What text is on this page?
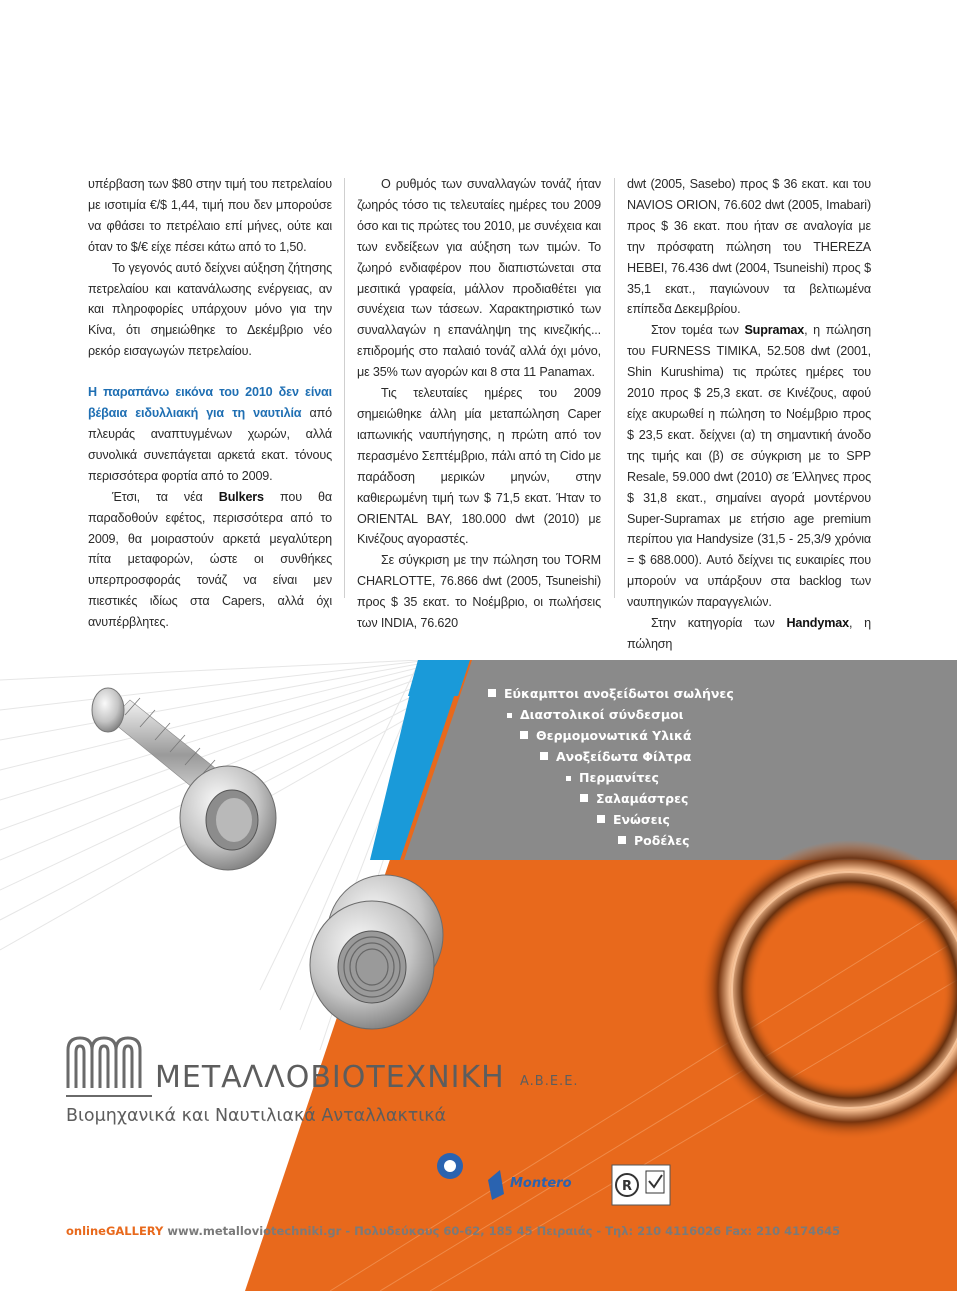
υπέρβαση των $80 στην τιμή του πετρελαίου με ισοτιμία €/$ 1,44, τιμή που δεν μπορούσε να φθάσει το πετρέλαιο επί μήνες, ούτε και όταν το $/€ είχε πέσει κάτω από το 1,50.

Το γεγονός αυτό δείχνει αύξηση ζήτησης πετρελαίου και κατανάλωσης ενέργειας, αν και πληροφορίες υπάρχουν μόνο για την Κίνα, ότι σημειώθηκε το Δεκέμβριο νέο ρεκόρ εισαγωγών πετρελαίου.

Η παραπάνω εικόνα του 2010 δεν είναι βέβαια ειδυλλιακή για τη ναυτιλία από πλευράς αναπτυγμένων χωρών, αλλά συνολικά συνεπάγεται αρκετά εκατ. τόνους περισσότερα φορτία από το 2009.

Έτσι, τα νέα Bulkers που θα παραδοθούν εφέτος, περισσότερα από το 2009, θα μοιραστούν αρκετά μεγαλύτερη πίτα μεταφορών, ώστε οι συνθήκες υπερπροσφοράς τονάζ να είναι μεν πιεστικές ιδίως στα Capers, αλλά όχι ανυπέρβλητες.

Ο ρυθμός των συναλλαγών τονάζ ήταν ζωηρός τόσο τις τελευταίες ημέρες του 2009 όσο και τις πρώτες του 2010, με συνέχεια και των ενδείξεων για αύξηση των τιμών. Το ζωηρό ενδιαφέρον που διαπιστώνεται στα μεσιτικά γραφεία, μάλλον προδιαθέτει για συνέχεια των τάσεων. Χαρακτηριστικό των συναλλαγών η επανάληψη της κινεζικής... επιδρομής στο παλαιό τονάζ αλλά όχι μόνο, με 35% των αγορών και 8 στα 11 Panamax.

Τις τελευταίες ημέρες του 2009 σημειώθηκε άλλη μία μεταπώληση Caper ιαπωνικής ναυπήγησης, η πρώτη από τον περασμένο Σεπτέμβριο, πάλι από τη Cido με παράδοση μερικών μηνών, στην καθιερωμένη τιμή των $ 71,5 εκατ. Ήταν το ORIENTAL BAY, 180.000 dwt (2010) με Κινέζους αγοραστές.

Σε σύγκριση με την πώληση του TORM CHARLOTTE, 76.866 dwt (2005, Tsuneishi) προς $ 35 εκατ. το Νοέμβριο, οι πωλήσεις των INDIA, 76.620

dwt (2005, Sasebo) προς $ 36 εκατ. και του NAVIOS ORION, 76.602 dwt (2005, Imabari) προς $ 36 εκατ. που ήταν σε αναλογία με την πρόσφατη πώληση του THEREZA HEBEI, 76.436 dwt (2004, Tsuneishi) προς $ 35,1 εκατ., παγιώνουν τα βελτιωμένα επίπεδα Δεκεμβρίου.

Στον τομέα των Supramax, η πώληση του FURNESS TIMIKA, 52.508 dwt (2001, Shin Kurushima) τις πρώτες ημέρες του 2010 προς $ 25,3 εκατ. σε Κινέζους, αφού είχε ακυρωθεί η πώληση το Νοέμβριο προς $ 23,5 εκατ. δείχνει (α) τη σημαντική άνοδο της τιμής και (β) σε σύγκριση με το SPP Resale, 59.000 dwt (2010) σε Έλληνες προς $ 31,8 εκατ., σημαίνει αγορά μοντέρνου Super-Supramax με ετήσιο age premium περίπου για Handysize (31,5 - 25,3/9 χρόνια = $ 688.000). Αυτό δείχνει τις ευκαιρίες που μπορούν να υπάρξουν στα backlog των ναυπηγικών παραγγελιών.

Στην κατηγορία των Handymax, η πώληση

R
Εύκαμπτοι ανοξείδωτοι σωλήνες
Διαστολικοί σύνδεσμοι
Θερμομονωτικά Υλικά
Ανοξείδωτα Φίλτρα
Περμανίτες
Σαλαμάστρες
Ενώσεις
Ροδέλες
ΜΕΤΑΛΛΟΒΙΟΤΕΧΝΙΚΗ A.B.E.E.
Βιομηχανικά και Ναυτιλιακά Ανταλλακτικά
Montero
onlineGALLERY www.metalloviotechniki.gr - Πολυδεύκους 60-62, 185 45 Πειραιάς - Τηλ: 210 4116026 Fax: 210 4174645
